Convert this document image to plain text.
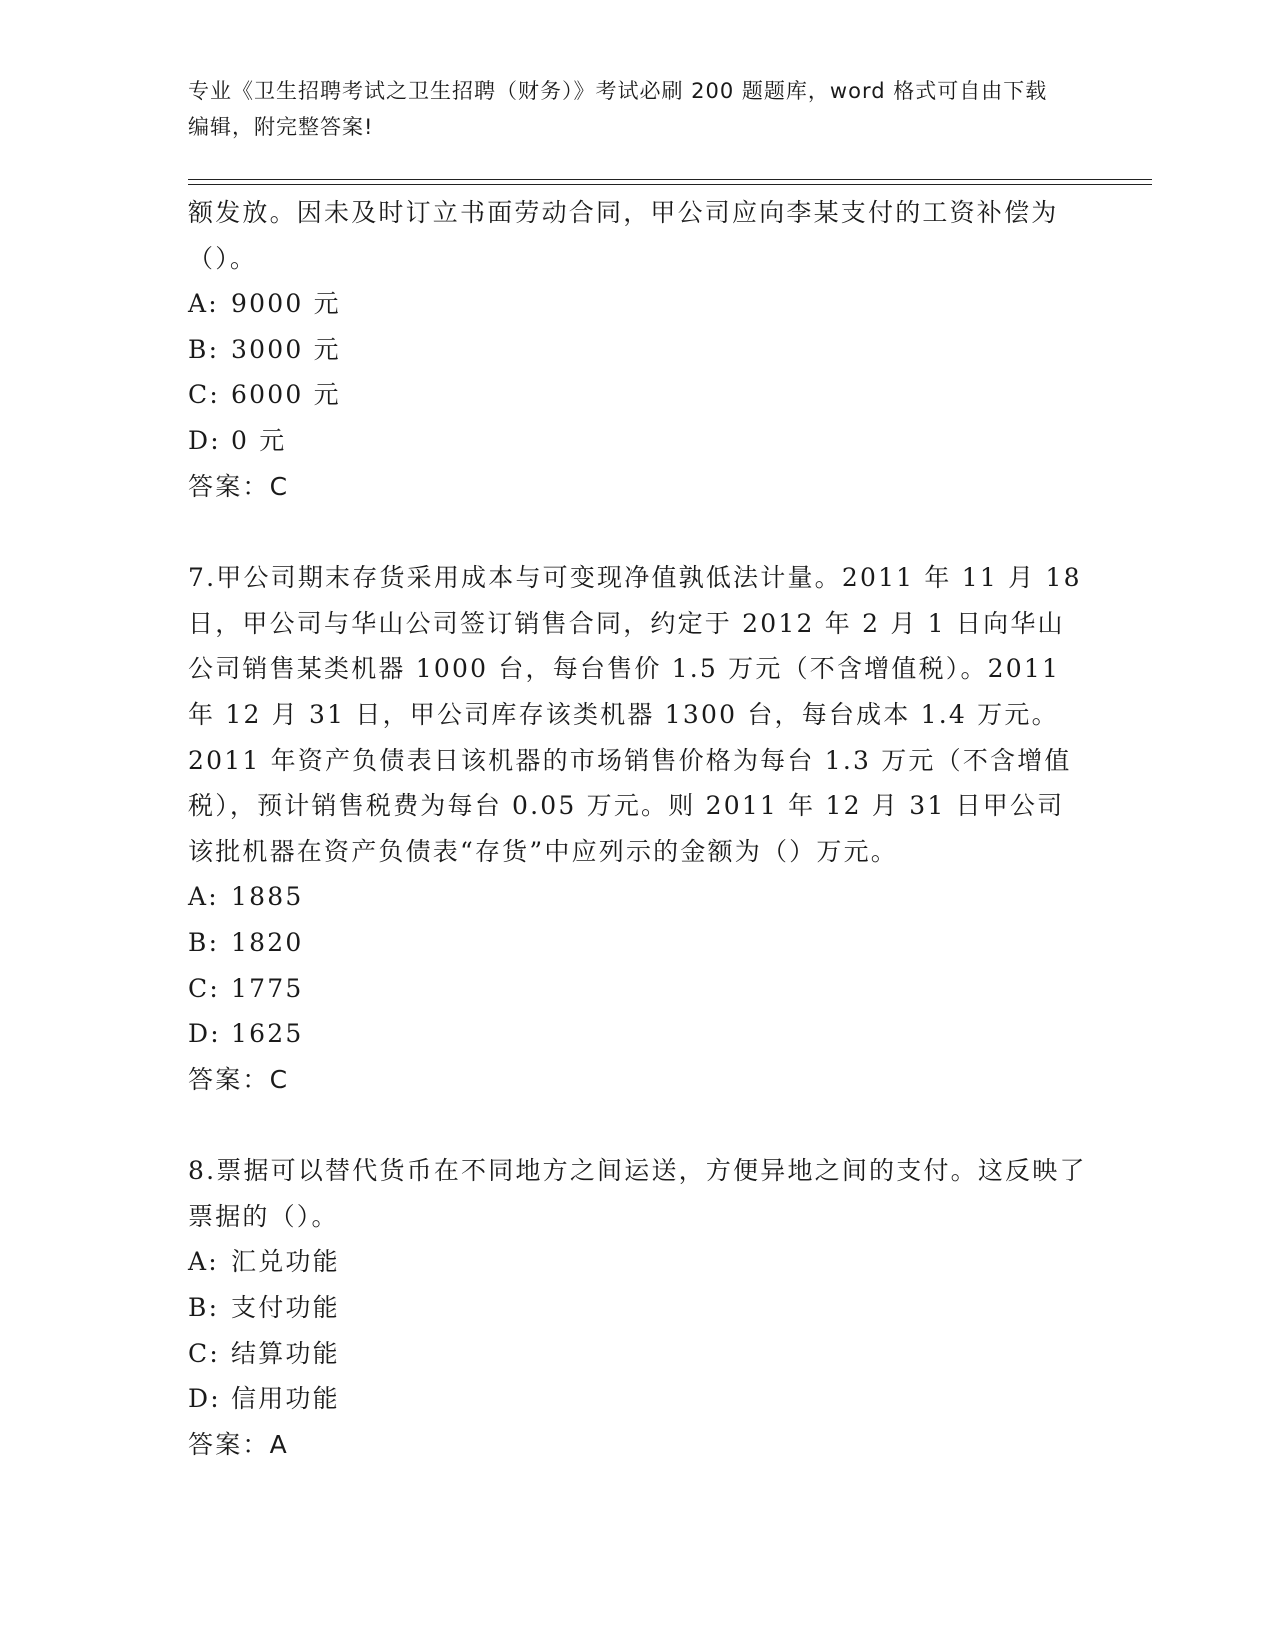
专业《卫生招聘考试之卫生招聘（财务）》考试必刷 200 题题库，word 格式可自由下载编辑，附完整答案!

额发放。因未及时订立书面劳动合同，甲公司应向李某支付的工资补偿为（）。

A: 9000 元

B: 3000 元

C: 6000 元

D: 0 元

答案：C

7.甲公司期末存货采用成本与可变现净值孰低法计量。2011 年 11 月 18 日，甲公司与华山公司签订销售合同，约定于 2012 年 2 月 1 日向华山公司销售某类机器 1000 台，每台售价 1.5 万元（不含增值税）。2011 年 12 月 31 日，甲公司库存该类机器 1300 台，每台成本 1.4 万元。2011 年资产负债表日该机器的市场销售价格为每台 1.3 万元（不含增值税），预计销售税费为每台 0.05 万元。则 2011 年 12 月 31 日甲公司该批机器在资产负债表“存货”中应列示的金额为（）万元。

A: 1885

B: 1820

C: 1775

D: 1625

答案：C

8.票据可以替代货币在不同地方之间运送，方便异地之间的支付。这反映了票据的（）。

A: 汇兑功能

B: 支付功能

C: 结算功能

D: 信用功能

答案：A
